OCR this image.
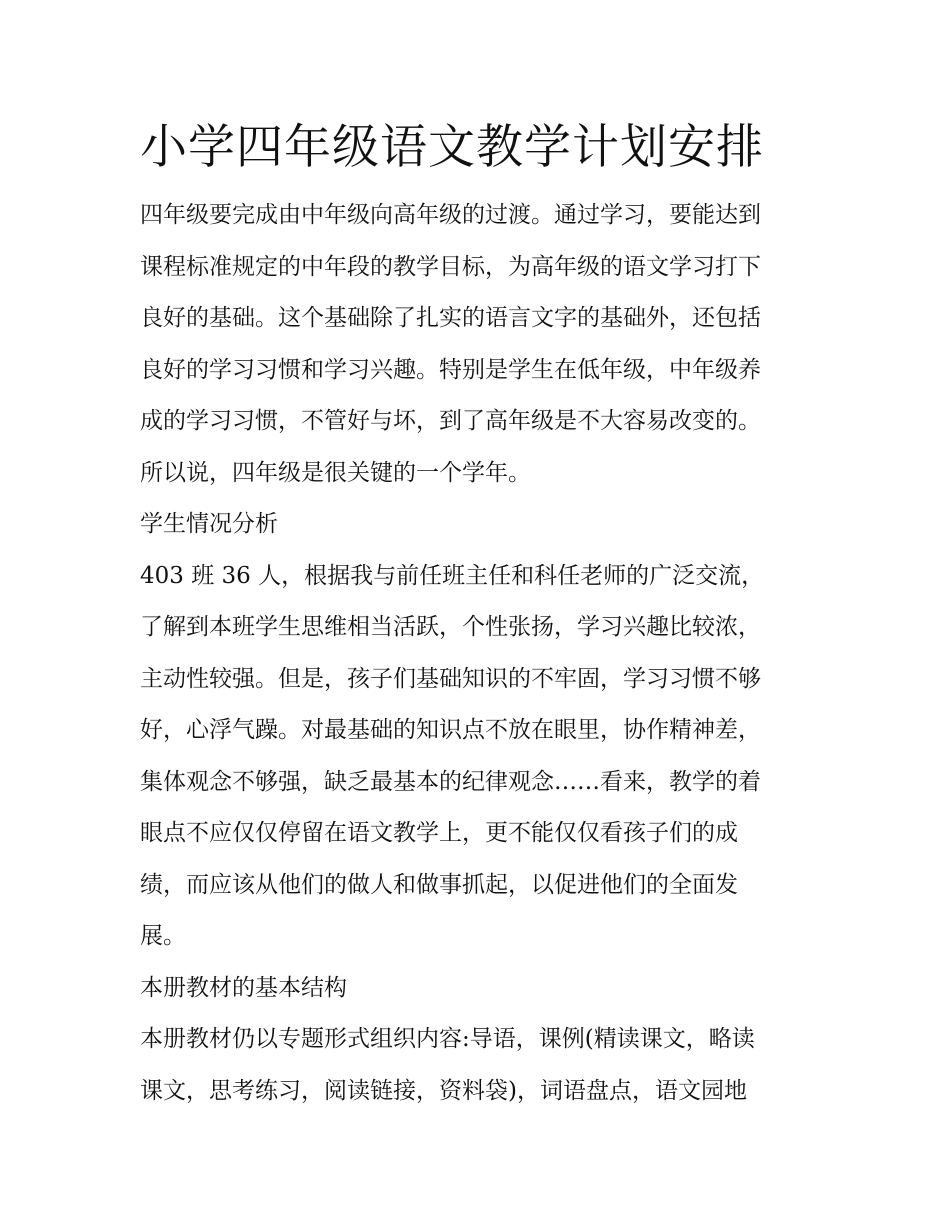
小学四年级语文教学计划安排
四年级要完成由中年级向高年级的过渡。通过学习，要能达到
课程标准规定的中年段的教学目标，为高年级的语文学习打下
良好的基础。这个基础除了扎实的语言文字的基础外，还包括
良好的学习习惯和学习兴趣。特别是学生在低年级，中年级养
成的学习习惯，不管好与坏，到了高年级是不大容易改变的。
所以说，四年级是很关键的一个学年。
学生情况分析
403 班 36 人，根据我与前任班主任和科任老师的广泛交流，
了解到本班学生思维相当活跃，个性张扬，学习兴趣比较浓，
主动性较强。但是，孩子们基础知识的不牢固，学习习惯不够
好，心浮气躁。对最基础的知识点不放在眼里，协作精神差，
集体观念不够强，缺乏最基本的纪律观念……看来，教学的着
眼点不应仅仅停留在语文教学上，更不能仅仅看孩子们的成
绩，而应该从他们的做人和做事抓起，以促进他们的全面发
展。
本册教材的基本结构
本册教材仍以专题形式组织内容:导语，课例(精读课文，略读
课文，思考练习，阅读链接，资料袋)，词语盘点，语文园地
